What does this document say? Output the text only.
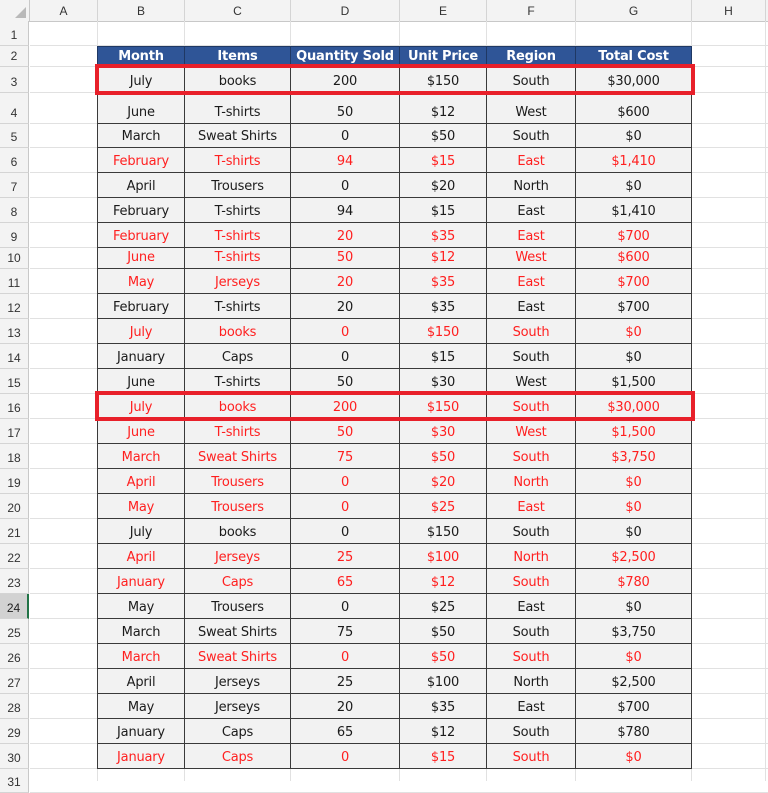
A	B	C	D	E	F	G	H
1
2
3
4
5
6
7
8
9
10
11
12
13
14
15
16
17
18
19
20
21
22
23
24
25
26
27
28
29
30
31
Month	Items	Quantity Sold	Unit Price	Region	Total Cost
July	books	200	$150	South	$30,000
June	T-shirts	50	$12	West	$600
March	Sweat Shirts	0	$50	South	$0
February	T-shirts	94	$15	East	$1,410
April	Trousers	0	$20	North	$0
February	T-shirts	94	$15	East	$1,410
February	T-shirts	20	$35	East	$700
June	T-shirts	50	$12	West	$600
May	Jerseys	20	$35	East	$700
February	T-shirts	20	$35	East	$700
July	books	0	$150	South	$0
January	Caps	0	$15	South	$0
June	T-shirts	50	$30	West	$1,500
July	books	200	$150	South	$30,000
June	T-shirts	50	$30	West	$1,500
March	Sweat Shirts	75	$50	South	$3,750
April	Trousers	0	$20	North	$0
May	Trousers	0	$25	East	$0
July	books	0	$150	South	$0
April	Jerseys	25	$100	North	$2,500
January	Caps	65	$12	South	$780
May	Trousers	0	$25	East	$0
March	Sweat Shirts	75	$50	South	$3,750
March	Sweat Shirts	0	$50	South	$0
April	Jerseys	25	$100	North	$2,500
May	Jerseys	20	$35	East	$700
January	Caps	65	$12	South	$780
January	Caps	0	$15	South	$0
